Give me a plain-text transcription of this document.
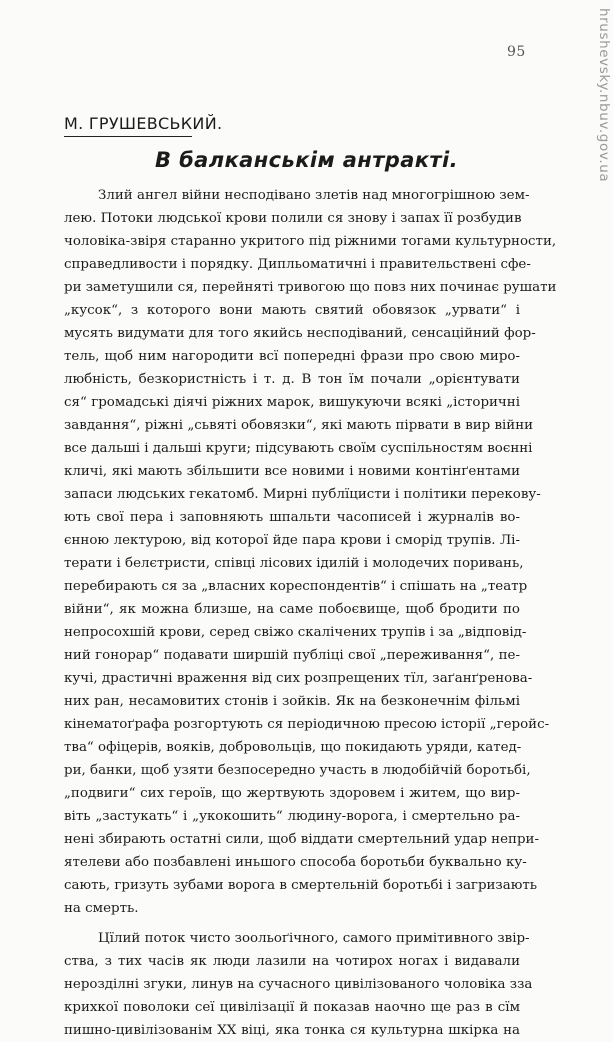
95	hrushevsky.nbuv.gov.ua
М. ГРУШЕВСЬКИЙ.
В балканськім антракті.
Злий ангел війни несподівано злетів над многогрішною зем-
лею. Потоки людської крови полили ся знову і запах її розбудив
чоловіка-звіря старанно укритого під ріжними тогами культурности,
справедливости і порядку. Дипльоматичні і правительствені сфе-
ри заметушили ся, перейняті тривогою що повз них починає рушати
„кусок“, з которого вони мають святий обовязок „урвати“ і
мусять видумати для того якийсь несподіваний, сенсаційний фор-
тель, щоб ним нагородити всї попередні фрази про свою миро-
любність, безкористність і т. д. В тон їм почали „орієнтувати
ся“ громадські діячі ріжних марок, вишукуючи всякі „історичні
завдання“, ріжні „сьвяті обовязки“, які мають пірвати в вир війни
все дальші і дальші круги; підсувають своїм суспільностям воєнні
кличі, які мають збільшити все новими і новими контінґентами
запаси людських гекатомб. Мирні публїцисти і політики перекову-
ють свої пера і заповняють шпальти часописей і журналів во-
єнною лектурою, від которої йде пара крови і сморід трупів. Лі-
терати і белєтристи, співці лісових ідилій і молодечих поривань,
перебирають ся за „власних кореспондентів“ і спішать на „театр
війни“, як можна близше, на саме побоєвище, щоб бродити по
непросохшій крови, серед свіжо скалічених трупів і за „відповід-
ний гонорар“ подавати ширшій публіці свої „переживання“, пе-
кучі, драстичні враження від сих розпрещених тїл, заґанґренова-
них ран, несамовитих стонів і зойків. Як на безконечнім фільмі
кінематоґрафа розгортують ся періодичною пресою історії „геройс-
тва“ офіцерів, вояків, добровольців, що покидають уряди, катед-
ри, банки, щоб узяти безпосередно участь в людобійчій боротьбі,
„подвиги“ сих героїв, що жертвують здоровем і житем, що вир-
віть „застукать“ і „укокошить“ людину-ворога, і смертельно ра-
нені збирають остатні сили, щоб віддати смертельний удар непри-
ятелеви або позбавлені иньшого способа боротьби буквально ку-
сають, гризуть зубами ворога в смертельній боротьбі і загризають
на смерть.
Цїлий поток чисто зоольоґічного, самого примітивного звір-
ства, з тих часів як люди лазили на чотирох ногах і видавали
нерозділні згуки, линув на сучасного цивілізованого чоловіка зза
крихкої поволоки сеї цивілізації й показав наочно ще раз в сїм
пишно-цивілізованім XX віці, яка тонка ся культурна шкірка на
